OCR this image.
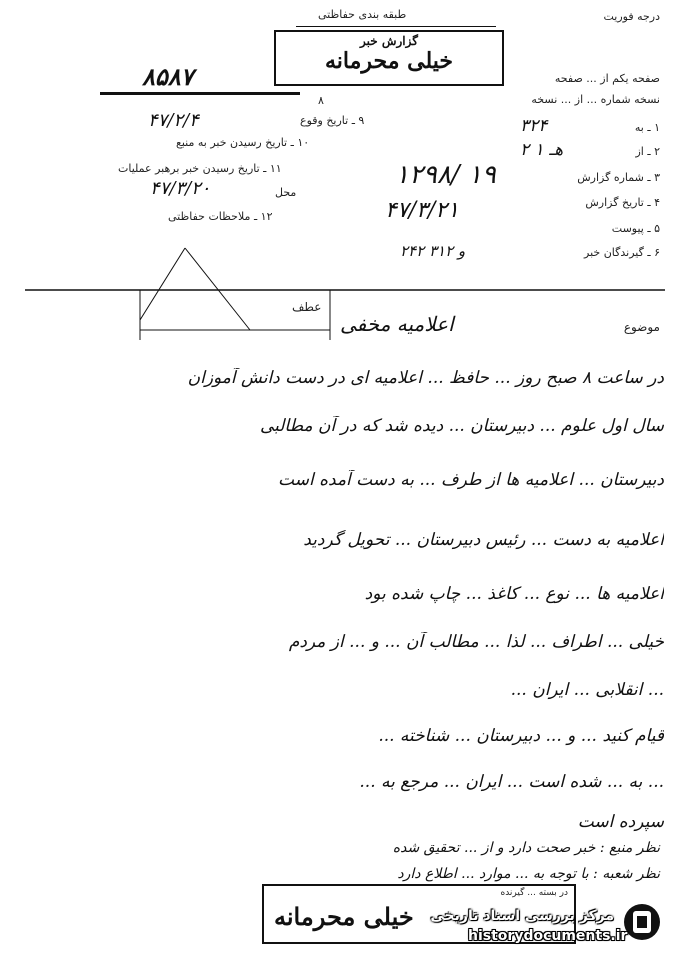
درجه فوریت
طبقه بندی حفاظتی
گزارش خبر
خیلی محرمانه
صفحه یکم از ... صفحه
نسخه شماره ... از ... نسخه
۱ ـ به
۲ ـ از
۳ ـ شماره گزارش
۴ ـ تاریخ گزارش
۵ ـ پیوست
۶ ـ گیرندگان خبر
۸۵۸۷
۸
۹ ـ تاریخ وقوع
۴۷/۲/۴
۱۰ ـ تاریخ رسیدن خبر به منبع
۱۱ ـ تاریخ رسیدن خبر برهبر عملیات
محل
۴۷/۳/۲۰
۱۲ ـ ملاحظات حفاظتی
۳۲۴
۲ هـ ۱
۱۲۹۸/ ۱۹
۴۷/۳/۲۱
۲۴۲ و ۳۱۲
موضوع
عطف
اعلامیه مخفی
در ساعت ۸ صبح روز ... حافظ ... اعلامیه ای در دست دانش آموزان
سال اول علوم ... دبیرستان ... دیده شد که در آن مطالبی
دبیرستان ... اعلامیه ها از طرف ... به دست آمده است
اعلامیه به دست ... رئیس دبیرستان ... تحویل گردید
اعلامیه ها ... نوع ... کاغذ ... چاپ شده بود
خیلی ... اطراف ... لذا ... مطالب آن ... و ... از مردم
... انقلابی ... ایران ...
قیام کنید ... و ... دبیرستان ... شناخته ...
... به ... شده است ... ایران ... مرجع به ...
سپرده است
نظر منبع : خبر صحت دارد و از ... تحقیق شده
نظر شعبه : با توجه به ... موارد ... اطلاع دارد
در بسته ... گیرنده
خیلی محرمانه مرکز بررسی اسناد تاریخی
historydocuments.ir
